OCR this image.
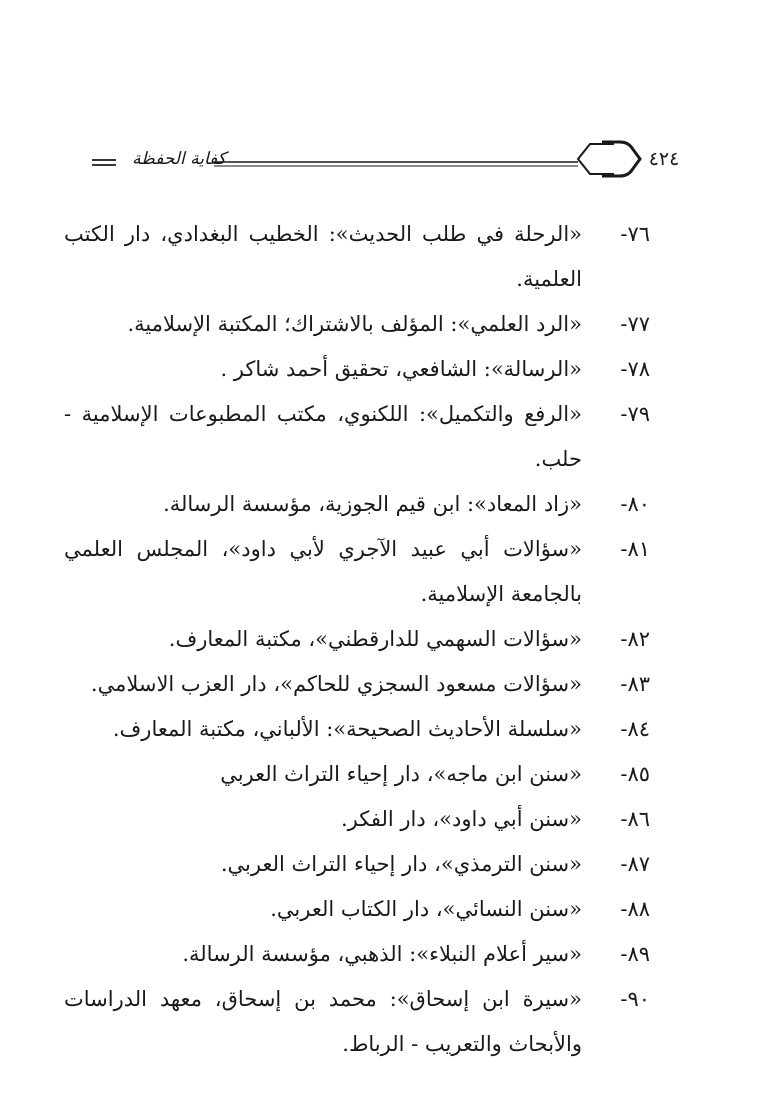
٤٢٤
كفاية الحفظة
٧٦-
«الرحلة في طلب الحديث»: الخطيب البغدادي، دار الكتب العلمية.
٧٧-
«الرد العلمي»: المؤلف بالاشتراك؛ المكتبة الإسلامية.
٧٨-
«الرسالة»: الشافعي، تحقيق أحمد شاكر .
٧٩-
«الرفع والتكميل»: اللكنوي، مكتب المطبوعات الإسلامية - حلب.
٨٠-
«زاد المعاد»: ابن قيم الجوزية، مؤسسة الرسالة.
٨١-
«سؤالات أبي عبيد الآجري لأبي داود»، المجلس العلمي بالجامعة الإسلامية.
٨٢-
«سؤالات السهمي للدارقطني»، مكتبة المعارف.
٨٣-
«سؤالات مسعود السجزي للحاكم»، دار العزب الاسلامي.
٨٤-
«سلسلة الأحاديث الصحيحة»: الألباني، مكتبة المعارف.
٨٥-
«سنن ابن ماجه»، دار إحياء التراث العربي
٨٦-
«سنن أبي داود»، دار الفكر.
٨٧-
«سنن الترمذي»، دار إحياء التراث العربي.
٨٨-
«سنن النسائي»، دار الكتاب العربي.
٨٩-
«سير أعلام النبلاء»: الذهبي، مؤسسة الرسالة.
٩٠-
«سيرة ابن إسحاق»: محمد بن إسحاق، معهد الدراسات والأبحاث والتعريب - الرباط.
